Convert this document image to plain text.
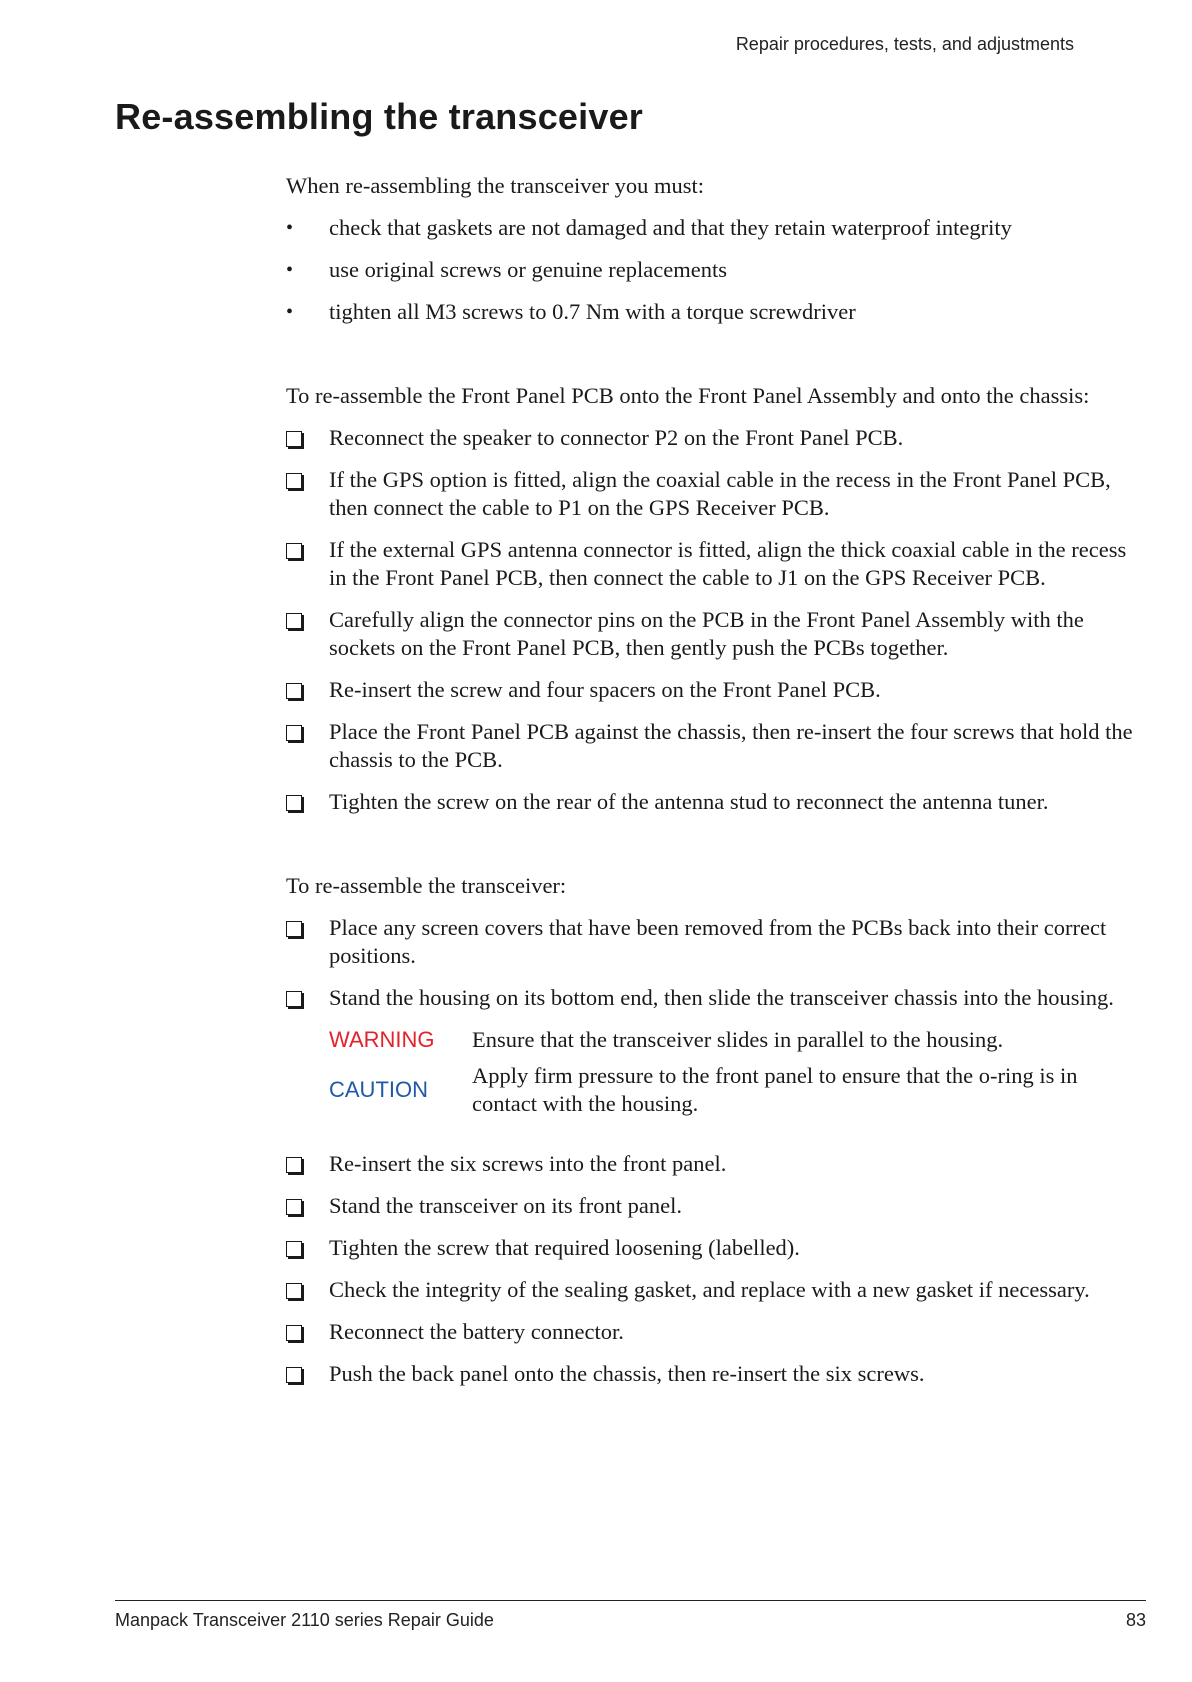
Repair procedures, tests, and adjustments
Re-assembling the transceiver

When re-assembling the transceiver you must:

•
check that gaskets are not damaged and that they retain waterproof integrity
•
use original screws or genuine replacements
•
tighten all M3 screws to 0.7 Nm with a torque screwdriver

To re-assemble the Front Panel PCB onto the Front Panel Assembly and onto the chassis:

Reconnect the speaker to connector P2 on the Front Panel PCB.
If the GPS option is fitted, align the coaxial cable in the recess in the Front Panel PCB, then connect the cable to P1 on the GPS Receiver PCB.
If the external GPS antenna connector is fitted, align the thick coaxial cable in the recess in the Front Panel PCB, then connect the cable to J1 on the GPS Receiver PCB.
Carefully align the connector pins on the PCB in the Front Panel Assembly with the sockets on the Front Panel PCB, then gently push the PCBs together.
Re-insert the screw and four spacers on the Front Panel PCB.
Place the Front Panel PCB against the chassis, then re-insert the four screws that hold the chassis to the PCB.
Tighten the screw on the rear of the antenna stud to reconnect the antenna tuner.

To re-assemble the transceiver:

Place any screen covers that have been removed from the PCBs back into their correct positions.
Stand the housing on its bottom end, then slide the transceiver chassis into the housing.
WARNING	Ensure that the transceiver slides in parallel to the housing.
CAUTION
Apply firm pressure to the front panel to ensure that the o-ring is in contact with the housing.
Re-insert the six screws into the front panel.
Stand the transceiver on its front panel.
Tighten the screw that required loosening (labelled).
Check the integrity of the sealing gasket, and replace with a new gasket if necessary.
Reconnect the battery connector.
Push the back panel onto the chassis, then re-insert the six screws.
Manpack Transceiver 2110 series Repair Guide	83
